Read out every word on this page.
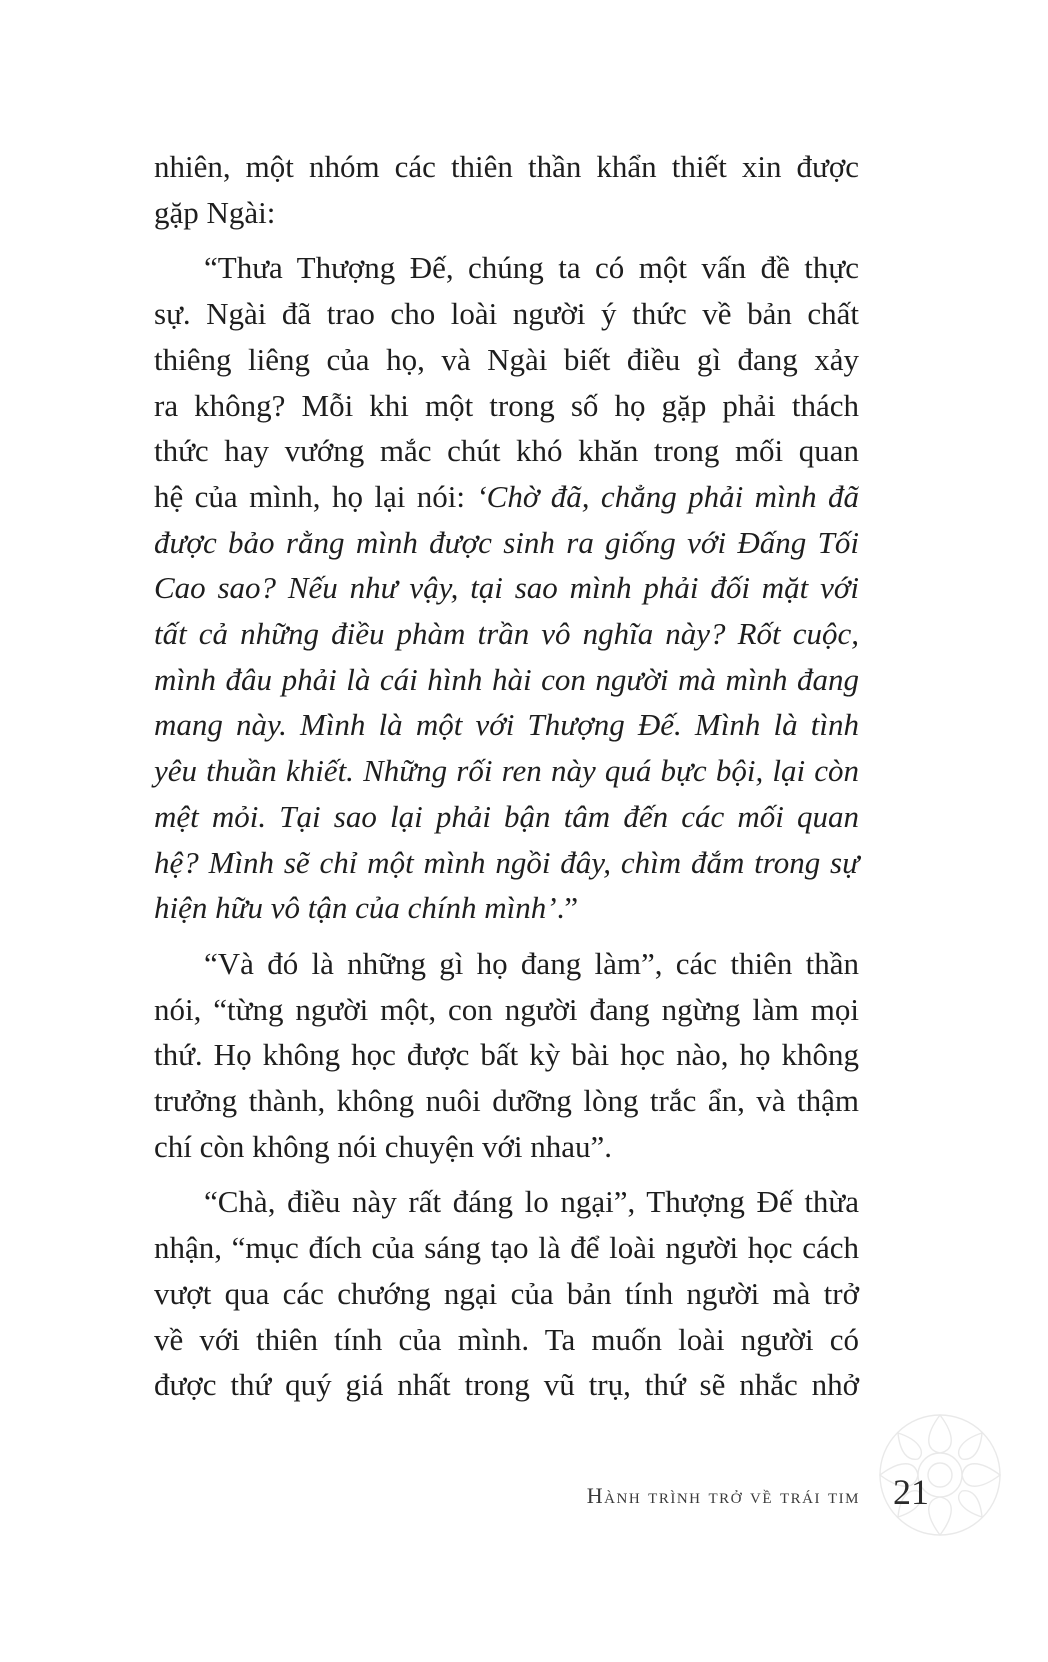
nhiên, một nhóm các thiên thần khẩn thiết xin được
gặp Ngài:
“Thưa Thượng Đế, chúng ta có một vấn đề thực
sự. Ngài đã trao cho loài người ý thức về bản chất
thiêng liêng của họ, và Ngài biết điều gì đang xảy
ra không? Mỗi khi một trong số họ gặp phải thách
thức hay vướng mắc chút khó khăn trong mối quan
hệ của mình, họ lại nói: ‘Chờ đã, chẳng phải mình đã
được bảo rằng mình được sinh ra giống với Đấng Tối
Cao sao? Nếu như vậy, tại sao mình phải đối mặt với
tất cả những điều phàm trần vô nghĩa này? Rốt cuộc,
mình đâu phải là cái hình hài con người mà mình đang
mang này. Mình là một với Thượng Đế. Mình là tình
yêu thuần khiết. Những rối ren này quá bực bội, lại còn
mệt mỏi. Tại sao lại phải bận tâm đến các mối quan
hệ? Mình sẽ chỉ một mình ngồi đây, chìm đắm trong sự
hiện hữu vô tận của chính mình’.”
“Và đó là những gì họ đang làm”, các thiên thần
nói, “từng người một, con người đang ngừng làm mọi
thứ. Họ không học được bất kỳ bài học nào, họ không
trưởng thành, không nuôi dưỡng lòng trắc ẩn, và thậm
chí còn không nói chuyện với nhau”.
“Chà, điều này rất đáng lo ngại”, Thượng Đế thừa
nhận, “mục đích của sáng tạo là để loài người học cách
vượt qua các chướng ngại của bản tính người mà trở
về với thiên tính của mình. Ta muốn loài người có
được thứ quý giá nhất trong vũ trụ, thứ sẽ nhắc nhở
Hành trình trở về trái tim 21
